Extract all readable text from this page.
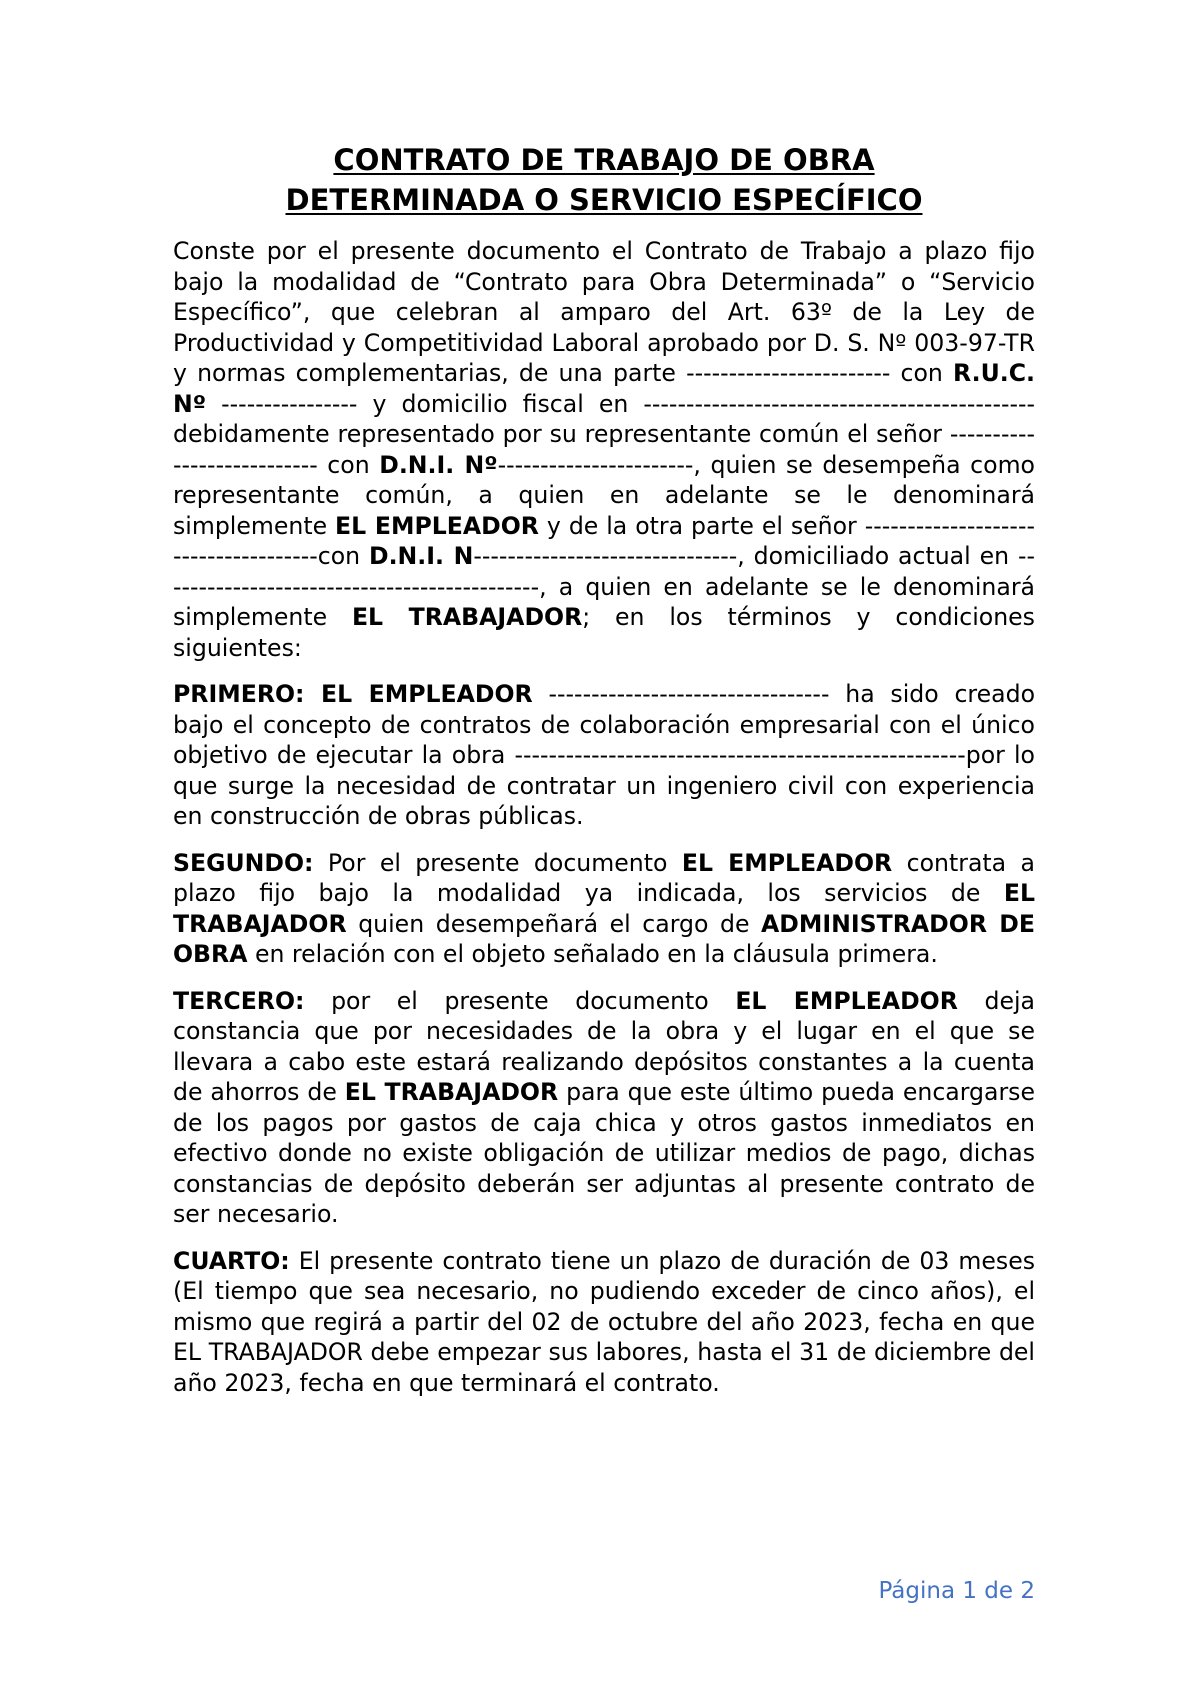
CONTRATO DE TRABAJO DE OBRA
DETERMINADA O SERVICIO ESPECÍFICO

Conste por el presente documento el Contrato de Trabajo a plazo fijo bajo la modalidad de “Contrato para Obra Determinada” o “Servicio Específico”, que celebran al amparo del Art. 63º de la Ley de Productividad y Competitividad Laboral aprobado por D. S. Nº 003-97-TR y normas complementarias, de una parte ------------------------ con R.U.C. Nº ---------------- y domicilio fiscal en ----------------------------------------------debidamente representado por su representante común el señor --------------------------- con D.N.I. Nº-----------------------, quien se desempeña como representante común, a quien en adelante se le denominará simplemente EL EMPLEADOR y de la otra parte el señor -------------------------------------con D.N.I. N-------------------------------, domiciliado actual en ---------------------------------------------, a quien en adelante se le denominará simplemente EL TRABAJADOR; en los términos y condiciones siguientes:

PRIMERO: EL EMPLEADOR --------------------------------- ha sido creado bajo el concepto de contratos de colaboración empresarial con el único objetivo de ejecutar la obra -----------------------------------------------------por lo que surge la necesidad de contratar un ingeniero civil con experiencia en construcción de obras públicas.

SEGUNDO: Por el presente documento EL EMPLEADOR contrata a plazo fijo bajo la modalidad ya indicada, los servicios de EL TRABAJADOR quien desempeñará el cargo de ADMINISTRADOR DE OBRA en relación con el objeto señalado en la cláusula primera.

TERCERO: por el presente documento EL EMPLEADOR deja constancia que por necesidades de la obra y el lugar en el que se llevara a cabo este estará realizando depósitos constantes a la cuenta de ahorros de EL TRABAJADOR para que este último pueda encargarse de los pagos por gastos de caja chica y otros gastos inmediatos en efectivo donde no existe obligación de utilizar medios de pago, dichas constancias de depósito deberán ser adjuntas al presente contrato de ser necesario.

CUARTO: El presente contrato tiene un plazo de duración de 03 meses (El tiempo que sea necesario, no pudiendo exceder de cinco años), el mismo que regirá a partir del 02 de octubre del año 2023, fecha en que EL TRABAJADOR debe empezar sus labores, hasta el 31 de diciembre del año 2023, fecha en que terminará el contrato.

Página 1 de 2
